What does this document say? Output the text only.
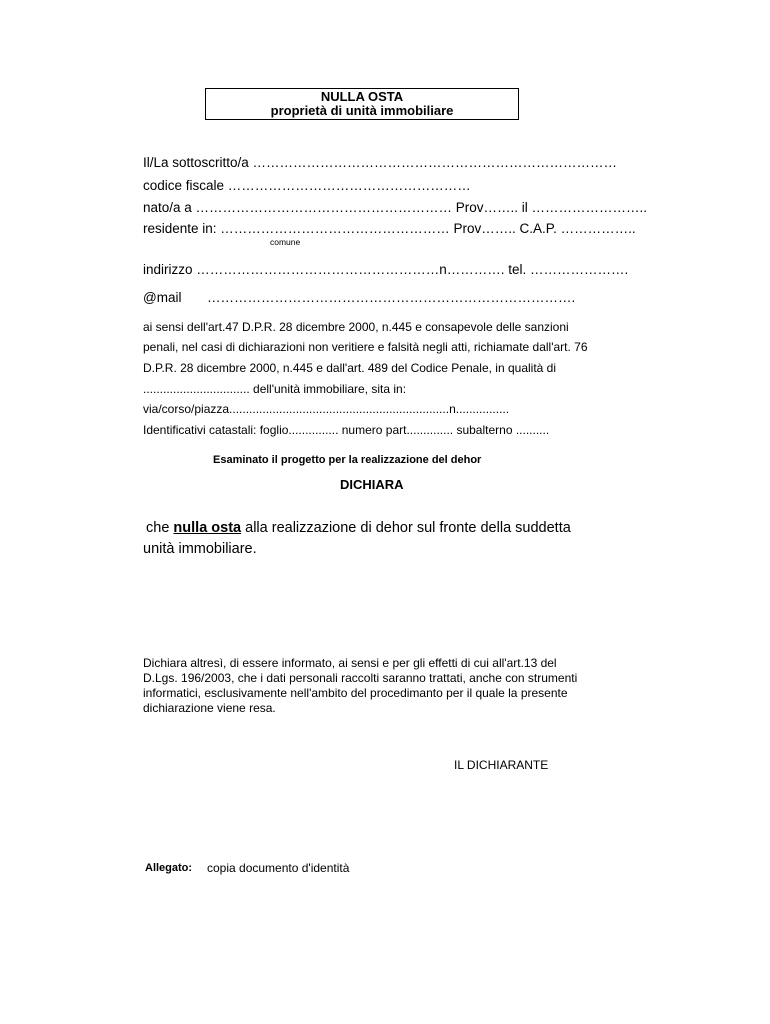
NULLA OSTA
proprietà di unità immobiliare
Il/La sottoscritto/a ………………………………………………………………………
codice fiscale ………………………………………………
nato/a a ………………………………………………… Prov…….. il ……………………..
residente in: …………………………………………… Prov…….. C.A.P. ……………..
comune
indirizzo ………………………………………………n…………. tel. ………………….
@mail ……………………………………………………………………….
ai sensi dell'art.47 D.P.R. 28 dicembre 2000, n.445 e consapevole delle sanzioni
penali, nel casi di dichiarazioni non veritiere e falsità negli atti, richiamate dall'art. 76
D.P.R. 28 dicembre 2000, n.445 e dall'art. 489 del Codice Penale, in qualità di
................................ dell'unità immobiliare, sita in:
via/corso/piazza..................................................................n................
Identificativi catastali: foglio............... numero part.............. subalterno ..........
Esaminato il progetto per la realizzazione del dehor
DICHIARA
che nulla osta alla realizzazione di dehor sul fronte della suddetta
unità immobiliare.
Dichiara altresì, di essere informato, ai sensi e per gli effetti di cui all'art.13 del
D.Lgs. 196/2003, che i dati personali raccolti saranno trattati, anche con strumenti
informatici, esclusivamente nell'ambito del procedimanto per il quale la presente
dichiarazione viene resa.
IL DICHIARANTE
Allegato: copia documento d'identità
